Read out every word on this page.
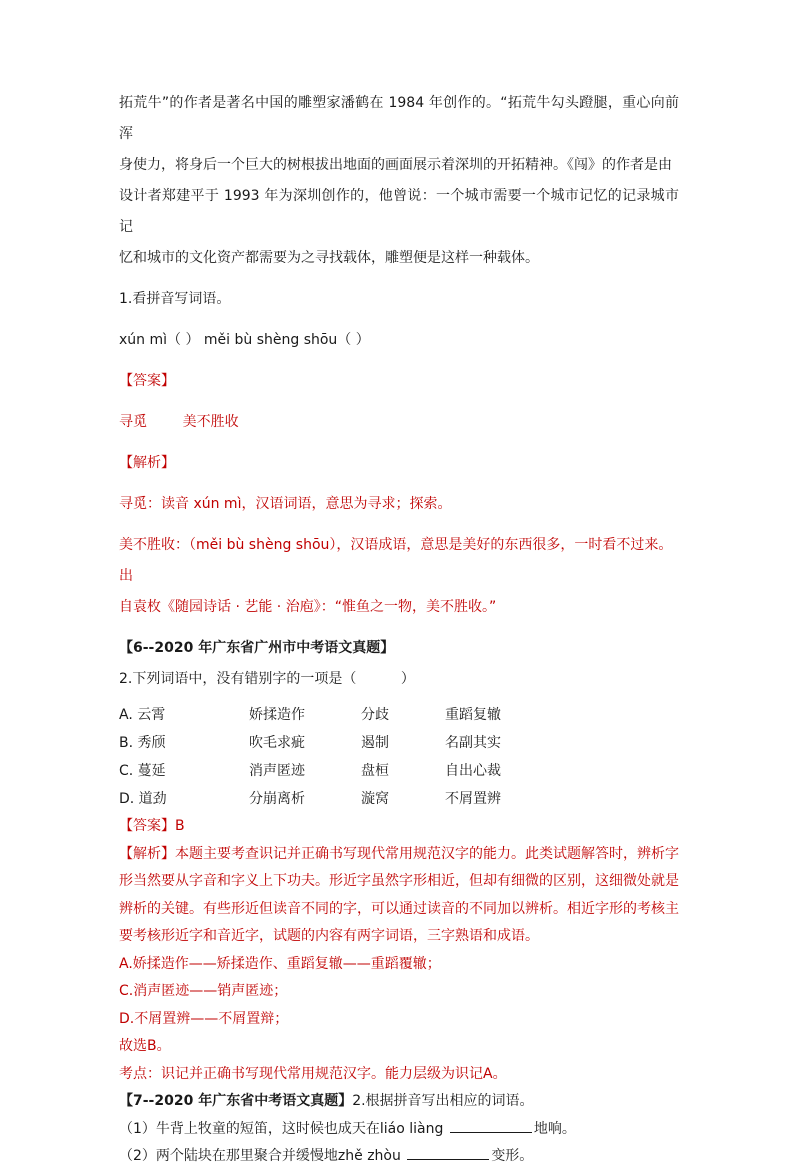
拓荒牛”的作者是著名中国的雕塑家潘鹤在 1984 年创作的。“拓荒牛勾头蹬腿，重心向前浑

身使力，将身后一个巨大的树根拔出地面的画面展示着深圳的开拓精神。《闯》的作者是由

设计者郑建平于 1993 年为深圳创作的，他曾说：一个城市需要一个城市记忆的记录城市记

忆和城市的文化资产都需要为之寻找载体，雕塑便是这样一种载体。

1.看拼音写词语。

xún mì（ ） měi bù shèng shōu（ ）

【答案】

寻觅        美不胜收

【解析】

寻觅：读音 xún mì，汉语词语，意思为寻求；探索。

美不胜收：（měi bù shèng shōu），汉语成语，意思是美好的东西很多，一时看不过来。出

自袁枚《随园诗话 · 艺能 · 治庖》：“惟鱼之一物，美不胜收。”

【6--2020 年广东省广州市中考语文真题】2.下列词语中，没有错别字的一项是（          ）

A. 云霄	娇揉造作	分歧	重蹈复辙
B. 秀颀	吹毛求疵	遏制	名副其实
C. 蔓延	消声匿迹	盘桓	自出心裁
D. 道劲	分崩离析	漩窝	不屑置辨
【答案】B
【解析】本题主要考查识记并正确书写现代常用规范汉字的能力。此类试题解答时，辨析字
形当然要从字音和字义上下功夫。形近字虽然字形相近，但却有细微的区别，这细微处就是
辨析的关键。有些形近但读音不同的字，可以通过读音的不同加以辨析。相近字形的考核主
要考核形近字和音近字，试题的内容有两字词语，三字熟语和成语。
A.娇揉造作——矫揉造作、重蹈复辙——重蹈覆辙；
C.消声匿迹——销声匿迹；
D.不屑置辨——不屑置辩；
故选B。
考点：识记并正确书写现代常用规范汉字。能力层级为识记A。
【7--2020 年广东省中考语文真题】2.根据拼音写出相应的词语。
（1）牛背上牧童的短笛，这时候也成天在liáo liàng	地响。
（2）两个陆块在那里聚合并缓慢地zhě zhòu	变形。
